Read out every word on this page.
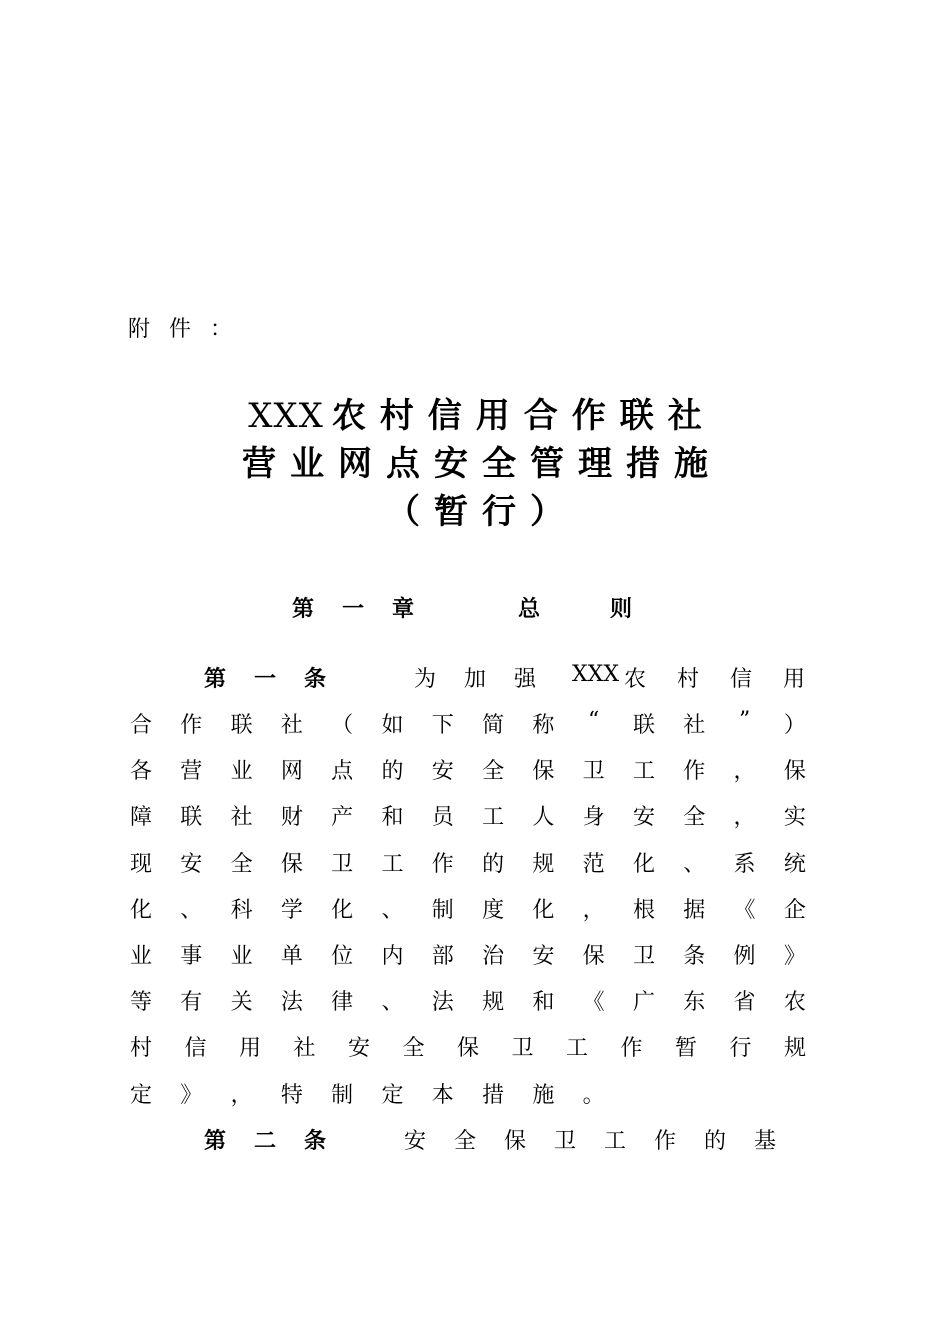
附件：
XXX 农村信用合作联社
营业网点安全管理措施
（暂行）
第一章	总则
第一条	为加强 XXX 农村信用
合 作 联 社 （ 如 下 简 称	“	联 社	”	）
各 营 业 网 点 的 安 全 保 卫 工 作 ， 保
障 联 社 财 产 和 员 工 人 身 安 全 ， 实
现 安 全 保 卫 工 作 的 规 范 化 、 系 统
化 、 科 学 化 、 制 度 化 ， 根 据 《 企
业 事 业 单 位 内 部 治 安 保 卫 条 例 》
等 有 关 法 律 、 法 规 和 《 广 东 省 农
村 信 用 社 安 全 保 卫 工 作 暂 行 规
定 》 ， 特 制 定 本 措 施 。
第二条 安全保卫工作的基
